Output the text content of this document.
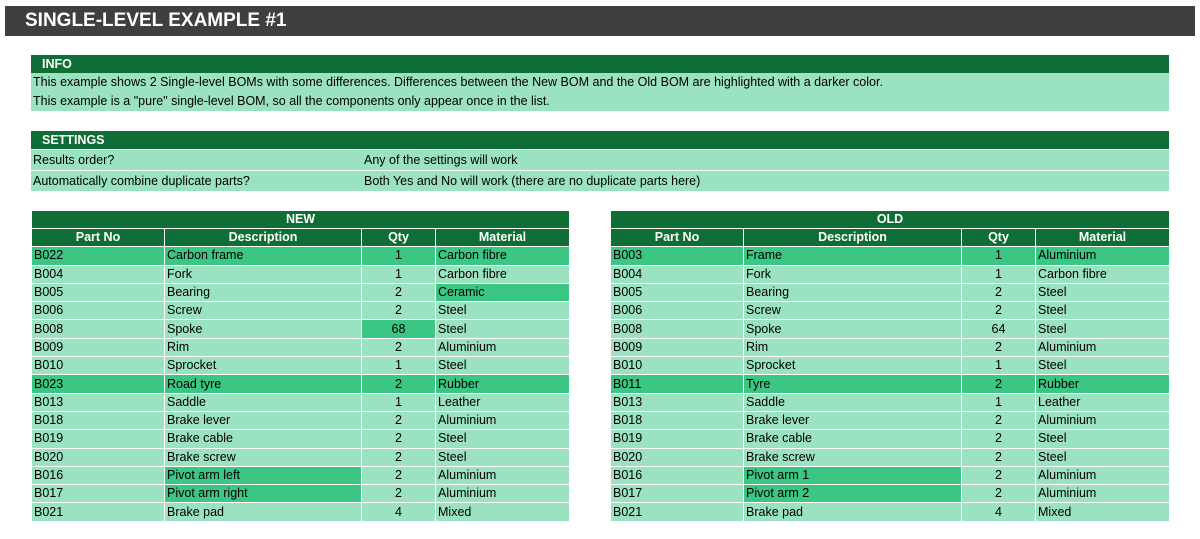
SINGLE-LEVEL EXAMPLE #1
INFO
This example shows 2 Single-level BOMs with some differences. Differences between the New BOM and the Old BOM are highlighted with a darker color.
This example is a "pure" single-level BOM, so all the components only appear once in the list.
SETTINGS
Results order?	Any of the settings will work
Automatically combine duplicate parts?	Both Yes and No will work (there are no duplicate parts here)
NEW			
Part No	Description	Qty	Material
B022	Carbon frame	1	Carbon fibre
B004	Fork	1	Carbon fibre
B005	Bearing	2	Ceramic
B006	Screw	2	Steel
B008	Spoke	68	Steel
B009	Rim	2	Aluminium
B010	Sprocket	1	Steel
B023	Road tyre	2	Rubber
B013	Saddle	1	Leather
B018	Brake lever	2	Aluminium
B019	Brake cable	2	Steel
B020	Brake screw	2	Steel
B016	Pivot arm left	2	Aluminium
B017	Pivot arm right	2	Aluminium
B021	Brake pad	4	Mixed
OLD			
Part No	Description	Qty	Material
B003	Frame	1	Aluminium
B004	Fork	1	Carbon fibre
B005	Bearing	2	Steel
B006	Screw	2	Steel
B008	Spoke	64	Steel
B009	Rim	2	Aluminium
B010	Sprocket	1	Steel
B011	Tyre	2	Rubber
B013	Saddle	1	Leather
B018	Brake lever	2	Aluminium
B019	Brake cable	2	Steel
B020	Brake screw	2	Steel
B016	Pivot arm 1	2	Aluminium
B017	Pivot arm 2	2	Aluminium
B021	Brake pad	4	Mixed
